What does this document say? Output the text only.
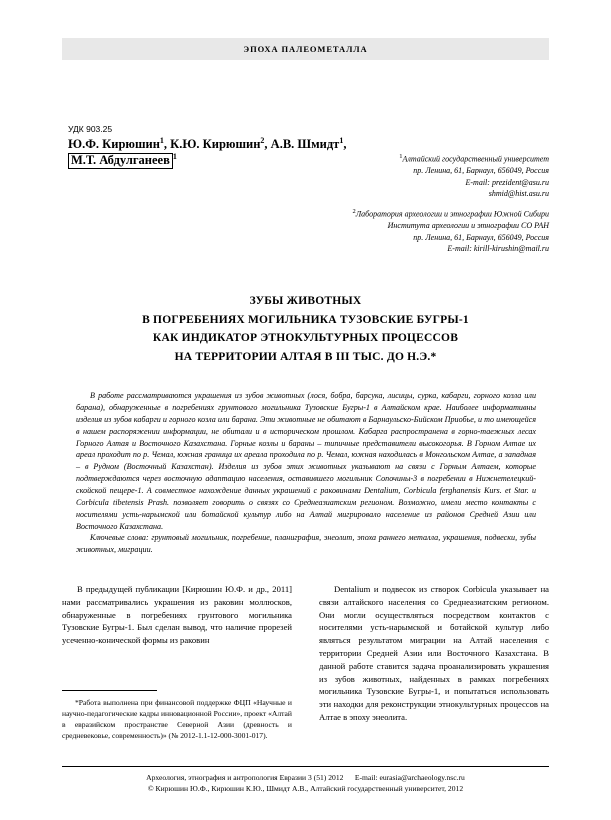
ЭПОХА ПАЛЕОМЕТАЛЛА
УДК 903.25
Ю.Ф. Кирюшин$^1$, К.Ю. Кирюшин$^2$, А.В. Шмидт$^1$, М.Т. Абдулганеев $^1$	$^1$Алтайский государственный университет
пр. Ленина, 61, Барнаул, 656049, Россия
E-mail: prezident@asu.ru
shmid@hist.asu.ru
$^2$Лаборатория археологии и этнографии Южной Сибири
Института археологии и этнографии СО РАН
пр. Ленина, 61, Барнаул, 656049, Россия
E-mail: kirill-kirushin@mail.ru
ЗУБЫ ЖИВОТНЫХ
В ПОГРЕБЕНИЯХ МОГИЛЬНИКА ТУЗОВСКИЕ БУГРЫ-1
КАК ИНДИКАТОР ЭТНОКУЛЬТУРНЫХ ПРОЦЕССОВ
НА ТЕРРИТОРИИ АЛТАЯ В III ТЫС. ДО Н.Э.*
В работе рассматриваются украшения из зубов животных (лося, бобра, барсука, лисицы, сурка, кабарги, горного козла или барана), обнаруженные в погребениях грунтового могильника Тузовские Бугры-1 в Алтайском крае. Наиболее информативны изделия из зубов кабарги и горного козла или барана. Эти животные не обитают в Барнаульско-Бийском Приобье, и то имеющейся в нашем распоряжении информации, не обитали и в историческом прошлом. Кабарга распространена в горно-таежных лесах Горного Алтая и Восточного Казахстана. Горные козлы и бараны – типичные представители высокогорья. В Горном Алтае их ареал проходит по р. Чемал, южная граница их ареала проходила по р. Чемал, южная находилась в Монгольском Алтае, а западная – в Рудном (Восточный Казахстан). Изделия из зубов этих животных указывают на связи с Горным Алтаем, которые подтверждаются через восточную адаптацию населения, оставившего могильник Сопочины-3 в погребении в Нижнетелецкий-скойской пещере-1. А совместное нахождение данных украшений с раковинами Dentalium, Corbicula ferghanensis Kurs. et Star. и Corbicula tibetensis Prash. позволяет говорить о связях со Среднеазиатским регионом. Возможно, имели место контакты с носителями усть-нарымской или ботайской культур либо на Алтай мигрировало население из районов Средней Азии или Восточного Казахстана.
Ключевые слова: грунтовый могильник, погребение, планиграфия, энеолит, эпоха раннего металла, украшения, подвески, зубы животных, миграции.

В предыдущей публикации [Кирюшин Ю.Ф. и др., 2011] нами рассматривались украшения из раковин моллюсков, обнаруженные в погребениях грунтового могильника Тузовские Бугры-1. Был сделан вывод, что наличие прорезей усеченно-конической формы из раковин

Dentalium и подвесок из створок Corbicula указывает на связи алтайского населения со Среднеазиатским регионом. Они могли осуществляться посредством контактов с носителями усть-нарымской и ботайской культур либо являться результатом миграции на Алтай населения с территории Средней Азии или Восточного Казахстана. В данной работе ставится задача проанализировать украшения из зубов животных, найденных в рамках погребениях могильника Тузовские Бугры-1, и попытаться использовать эти находки для реконструкции этнокультурных процессов на Алтае в эпоху энеолита.

*Работа выполнена при финансовой поддержке ФЦП «Научные и научно-педагогические кадры инновационной России», проект «Алтай в евразийском пространстве Северной Азии (древность и средневековье, современность)» (№ 2012-1.1-12-000-3001-017).
Археология, этнография и антропология Евразии 3 (51) 2012 E-mail: eurasia@archaeology.nsc.ru
© Кирюшин Ю.Ф., Кирюшин К.Ю., Шмидт А.В., Алтайский государственный университет, 2012
